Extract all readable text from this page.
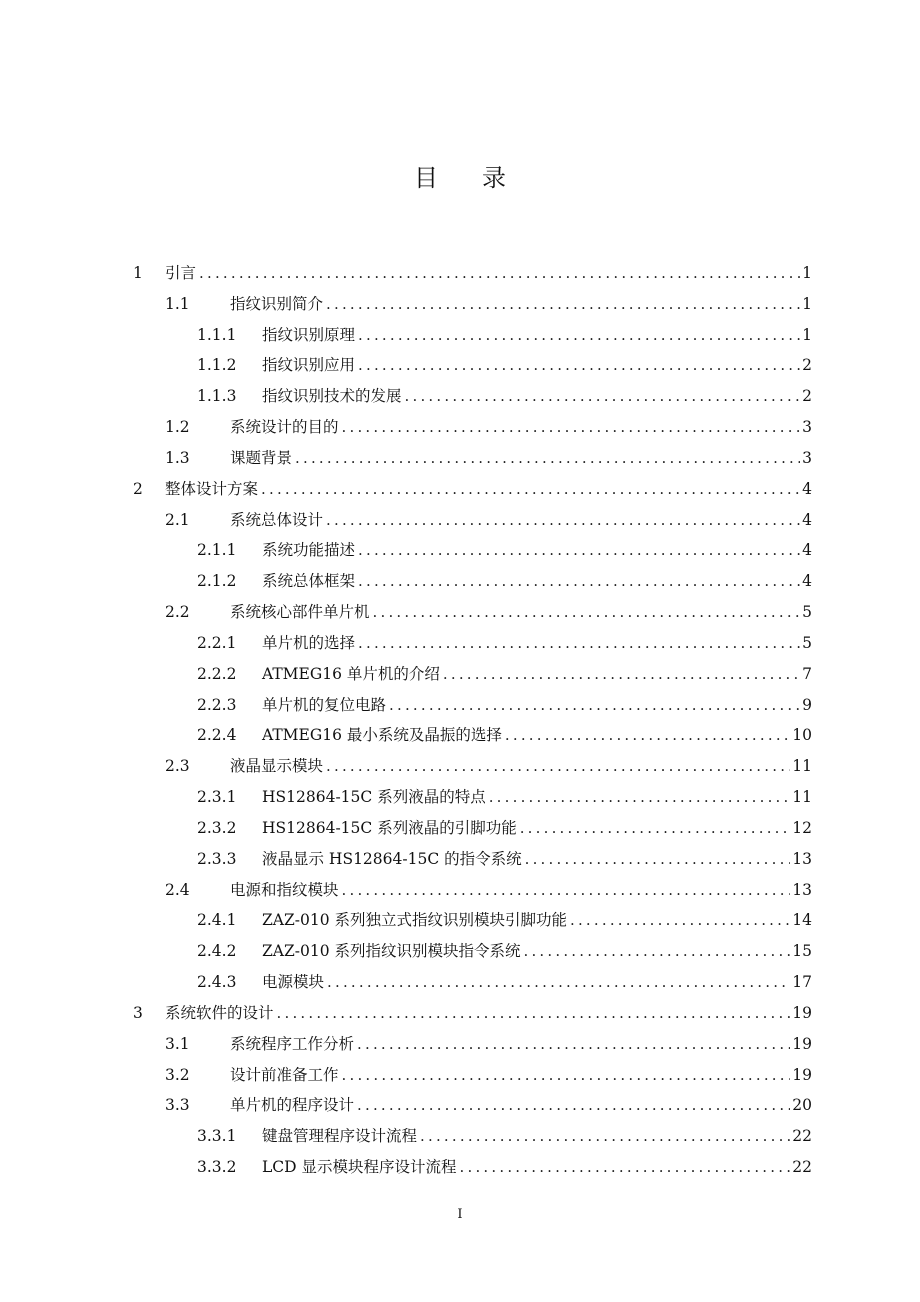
目录
1 引言 .....	1
1.1	指纹识别简介 .....	1
1.1.1 指纹识别原理 .....	1
1.1.2 指纹识别应用 .....	2
1.1.3 指纹识别技术的发展 .....	2
1.2	系统设计的目的 .....	3
1.3	课题背景 .....	3
2 整体设计方案 .....	4
2.1	系统总体设计 .....	4
2.1.1 系统功能描述 .....	4
2.1.2 系统总体框架 .....	4
2.2	系统核心部件单片机 .....	5
2.2.1 单片机的选择 .....	5
2.2.2 ATMEG16 单片机的介绍 .....	7
2.2.3 单片机的复位电路 .....	9
2.2.4 ATMEG16 最小系统及晶振的选择 .....	10
2.3	液晶显示模块 .....	11
2.3.1 HS12864-15C 系列液晶的特点 .....	11
2.3.2 HS12864-15C 系列液晶的引脚功能 .....	12
2.3.3 液晶显示 HS12864-15C 的指令系统 .....	13
2.4	电源和指纹模块 .....	13
2.4.1 ZAZ-010 系列独立式指纹识别模块引脚功能 .....	14
2.4.2 ZAZ-010 系列指纹识别模块指令系统 .....	15
2.4.3 电源模块 .....	17
3 系统软件的设计 .....	19
3.1	系统程序工作分析 .....	19
3.2	设计前准备工作 .....	19
3.3	单片机的程序设计 .....	20
3.3.1 键盘管理程序设计流程 .....	22
3.3.2 LCD 显示模块程序设计流程 .....	22
I
